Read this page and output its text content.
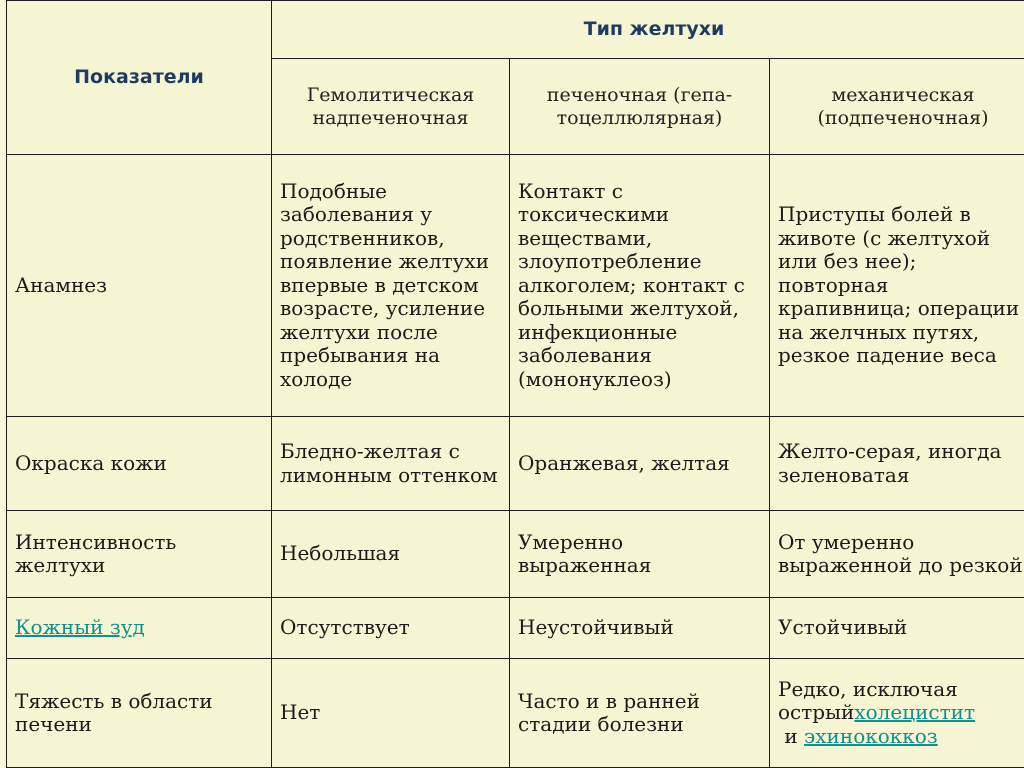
Показатели	Тип желтухи		
	Гемолитическая надпеченочная	печеночная (гепа-тоцеллюлярная)	механическая (подпеченочная)
Анамнез	Подобные заболевания у родственников, появление желтухи впервые в детском возрасте, усиление желтухи после пребывания на холоде	Контакт с токсическими веществами, злоупотребление алкоголем; контакт с больными желтухой, инфекционные заболевания (мононуклеоз)	Приступы болей в животе (с желтухой или без нее); повторная крапивница; операции на желчных путях, резкое падение веса
Окраска кожи	Бледно-желтая с лимонным оттенком	Оранжевая, желтая	Желто-серая, иногда зеленоватая
Интенсивность желтухи	Небольшая	Умеренно выраженная	От умеренно выраженной до резкой
Кожный зуд	Отсутствует	Неустойчивый	Устойчивый
Тяжесть в области печени	Нет	Часто и в ранней стадии болезни	Редко, исключая острыйхолецистит и эхинококкоз
